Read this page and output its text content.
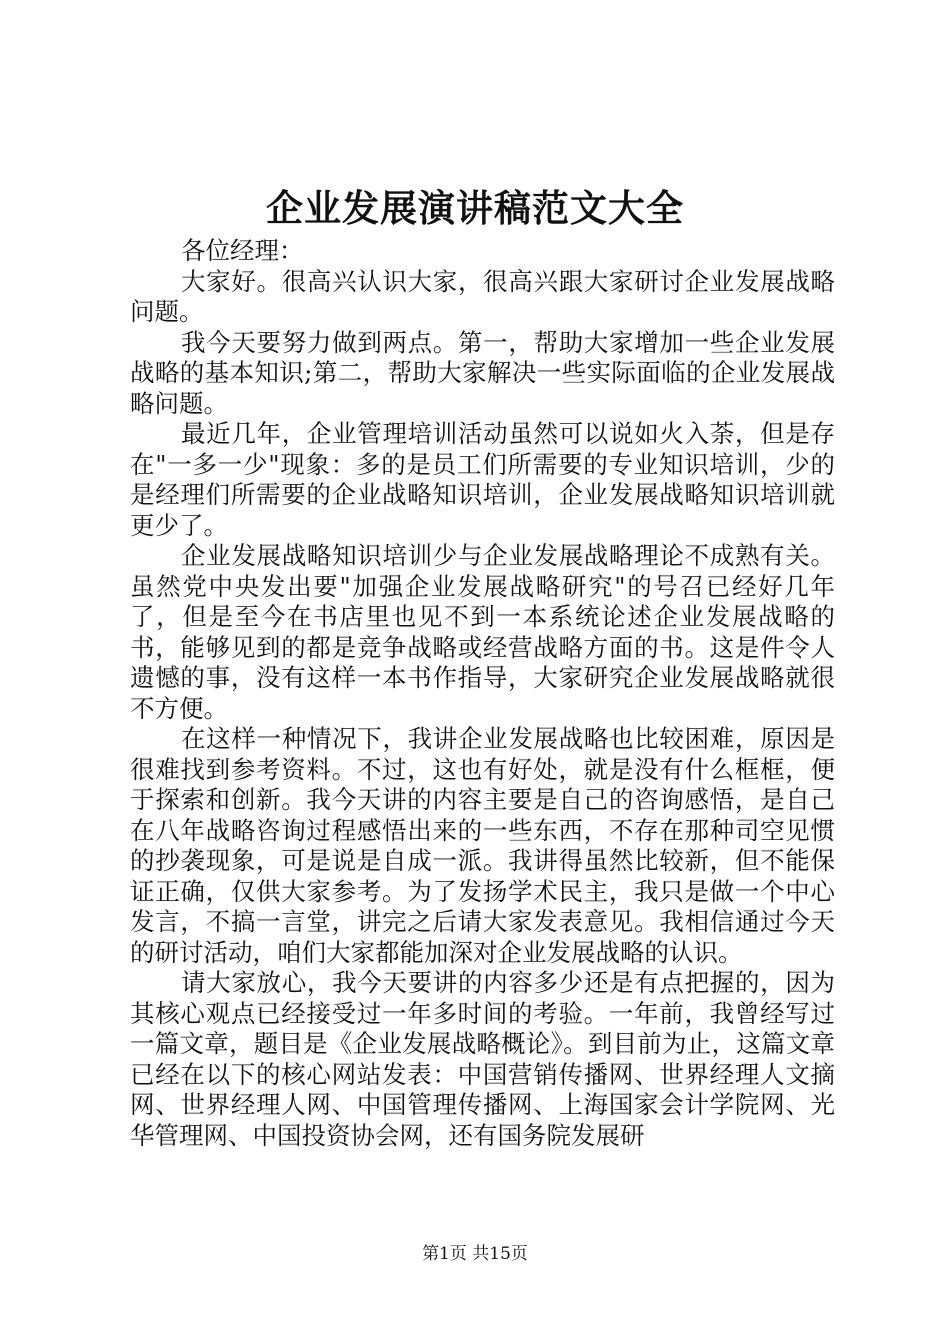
企业发展演讲稿范文大全

各位经理：

大家好。很高兴认识大家，很高兴跟大家研讨企业发展战略问题。

我今天要努力做到两点。第一，帮助大家增加一些企业发展战略的基本知识;第二，帮助大家解决一些实际面临的企业发展战略问题。

最近几年，企业管理培训活动虽然可以说如火入荼，但是存在"一多一少"现象：多的是员工们所需要的专业知识培训，少的是经理们所需要的企业战略知识培训，企业发展战略知识培训就更少了。

企业发展战略知识培训少与企业发展战略理论不成熟有关。虽然党中央发出要"加强企业发展战略研究"的号召已经好几年了，但是至今在书店里也见不到一本系统论述企业发展战略的书，能够见到的都是竞争战略或经营战略方面的书。这是件令人遗憾的事，没有这样一本书作指导，大家研究企业发展战略就很不方便。

在这样一种情况下，我讲企业发展战略也比较困难，原因是很难找到参考资料。不过，这也有好处，就是没有什么框框，便于探索和创新。我今天讲的内容主要是自己的咨询感悟，是自己在八年战略咨询过程感悟出来的一些东西，不存在那种司空见惯的抄袭现象，可是说是自成一派。我讲得虽然比较新，但不能保证正确，仅供大家参考。为了发扬学术民主，我只是做一个中心发言，不搞一言堂，讲完之后请大家发表意见。我相信通过今天的研讨活动，咱们大家都能加深对企业发展战略的认识。

请大家放心，我今天要讲的内容多少还是有点把握的，因为其核心观点已经接受过一年多时间的考验。一年前，我曾经写过一篇文章，题目是《企业发展战略概论》。到目前为止，这篇文章已经在以下的核心网站发表：中国营销传播网、世界经理人文摘网、世界经理人网、中国管理传播网、上海国家会计学院网、光华管理网、中国投资协会网，还有国务院发展研

第1页 共15页
